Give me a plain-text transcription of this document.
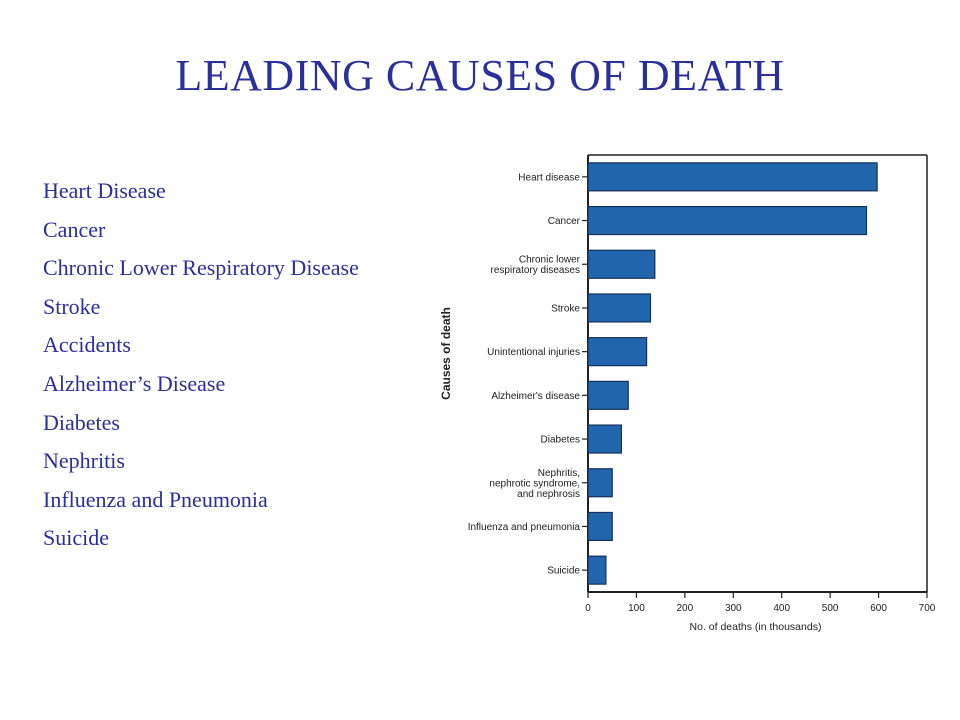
LEADING CAUSES OF DEATH
Heart Disease
Cancer
Chronic Lower Respiratory Disease
Stroke
Accidents
Alzheimer’s Disease
Diabetes
Nephritis
Influenza and Pneumonia
Suicide
Heart disease
Cancer
Chronic lower respiratory diseases
Stroke
Unintentional injuries
Alzheimer's disease
Diabetes
Nephritis, nephrotic syndrome, and nephrosis
Influenza and pneumonia
Suicide
0	100	200	300	400	500	600	700
No. of deaths (in thousands)
Causes of death
